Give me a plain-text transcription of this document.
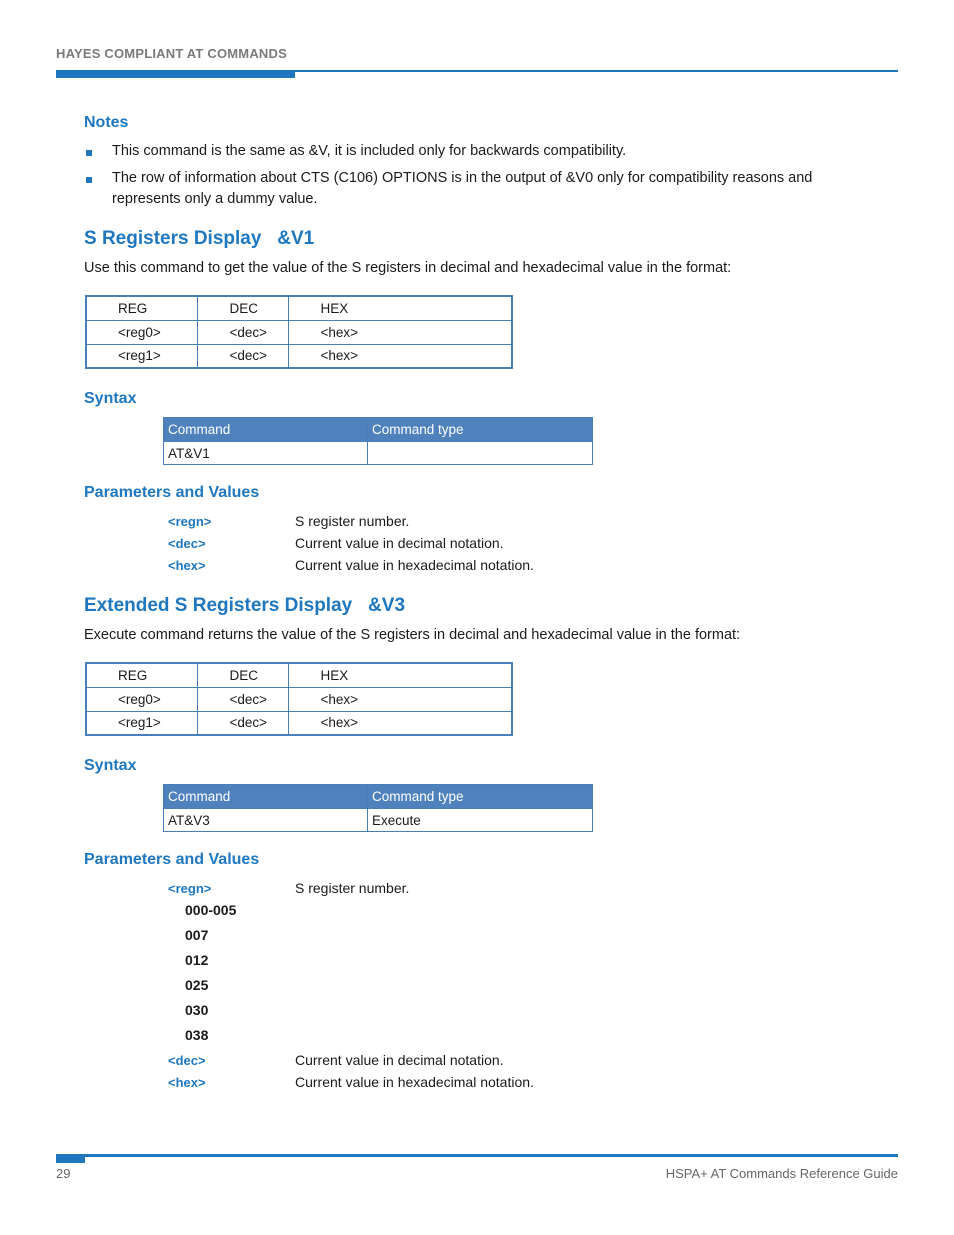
HAYES COMPLIANT AT COMMANDS
Notes
This command is the same as &V, it is included only for backwards compatibility.
The row of information about CTS (C106) OPTIONS is in the output of &V0 only for compatibility reasons and
represents only a dummy value.
S Registers Display   &V1
Use this command to get the value of the S registers in decimal and hexadecimal value in the format:
REG	DEC	HEX
<reg0>	<dec>	<hex>
<reg1>	<dec>	<hex>
Syntax
Command	Command type
AT&V1	
Parameters and Values
<regn>	S register number.
<dec>	Current value in decimal notation.
<hex>	Current value in hexadecimal notation.
Extended S Registers Display   &V3
Execute command returns the value of the S registers in decimal and hexadecimal value in the format:
REG	DEC	HEX
<reg0>	<dec>	<hex>
<reg1>	<dec>	<hex>
Syntax
Command	Command type
AT&V3	Execute
Parameters and Values
<regn>	S register number.
000-005
007
012
025
030
038
<dec>	Current value in decimal notation.
<hex>	Current value in hexadecimal notation.
29	HSPA+ AT Commands Reference Guide
